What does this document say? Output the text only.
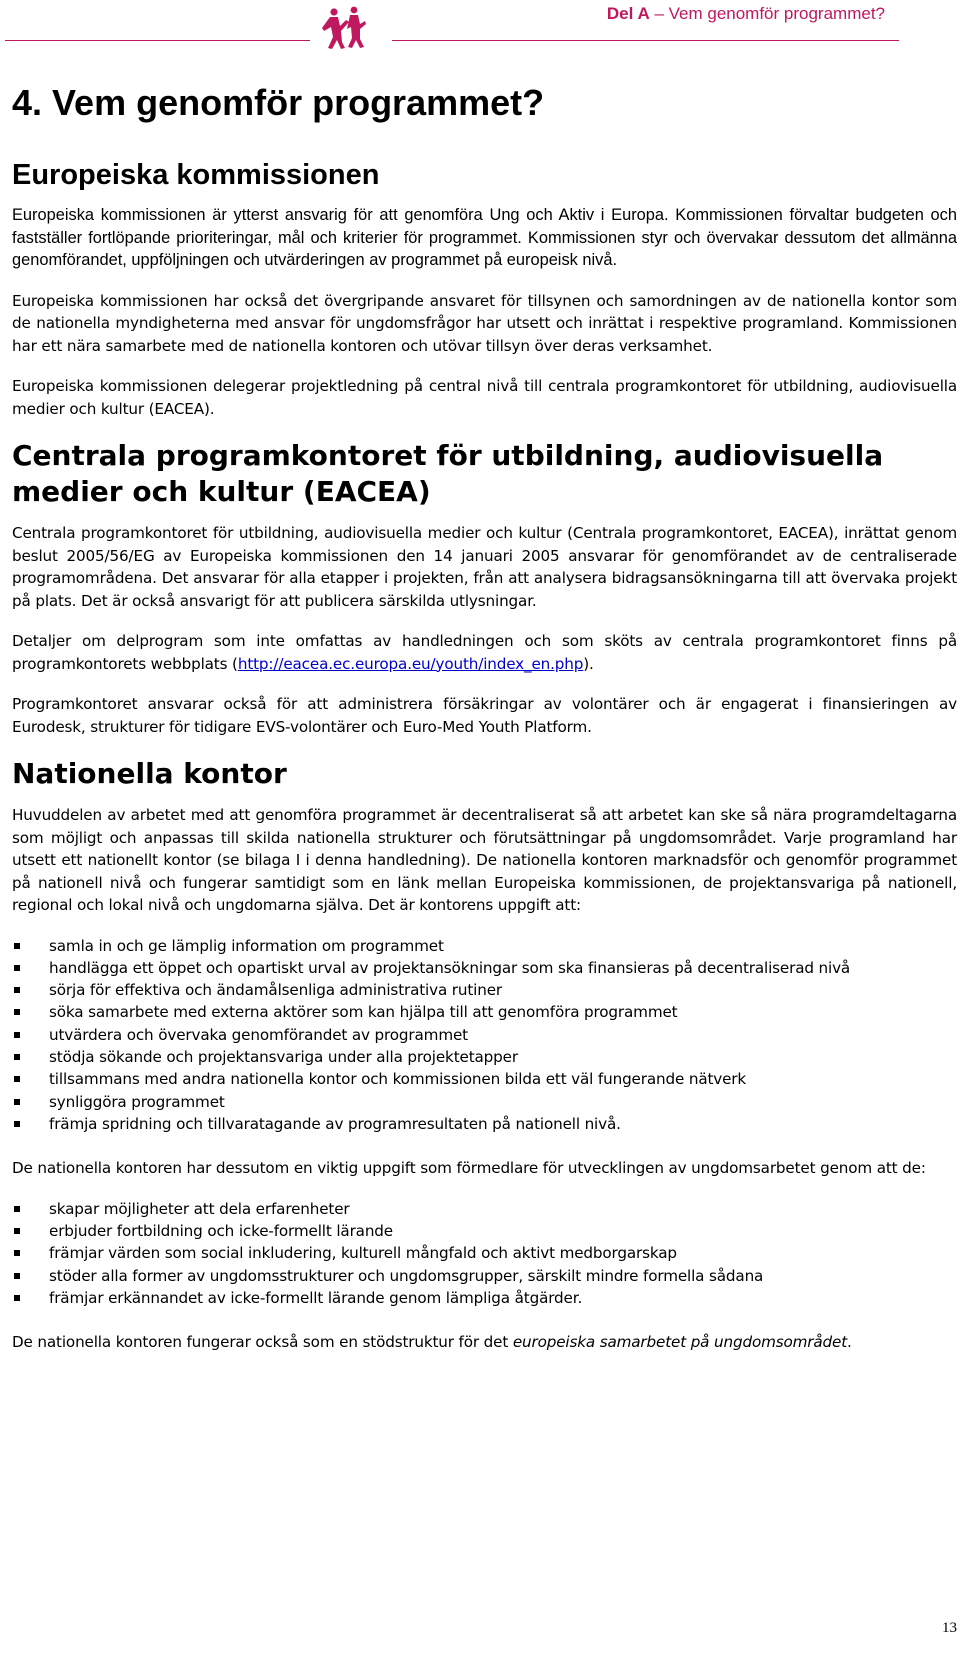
Del A – Vem genomför programmet?
4. Vem genomför programmet?
Europeiska kommissionen

Europeiska kommissionen är ytterst ansvarig för att genomföra Ung och Aktiv i Europa. Kommissionen förvaltar budgeten och fastställer fortlöpande prioriteringar, mål och kriterier för programmet. Kommissionen styr och övervakar dessutom det allmänna genomförandet, uppföljningen och utvärderingen av programmet på europeisk nivå.

Europeiska kommissionen har också det övergripande ansvaret för tillsynen och samordningen av de nationella kontor som de nationella myndigheterna med ansvar för ungdomsfrågor har utsett och inrättat i respektive programland. Kommissionen har ett nära samarbete med de nationella kontoren och utövar tillsyn över deras verksamhet.

Europeiska kommissionen delegerar projektledning på central nivå till centrala programkontoret för utbildning, audiovisuella medier och kultur (EACEA).

Centrala programkontoret för utbildning, audiovisuella medier och kultur (EACEA)

Centrala programkontoret för utbildning, audiovisuella medier och kultur (Centrala programkontoret, EACEA), inrättat genom beslut 2005/56/EG av Europeiska kommissionen den 14 januari 2005 ansvarar för genomförandet av de centraliserade programområdena. Det ansvarar för alla etapper i projekten, från att analysera bidragsansökningarna till att övervaka projekt på plats. Det är också ansvarigt för att publicera särskilda utlysningar.

Detaljer om delprogram som inte omfattas av handledningen och som sköts av centrala programkontoret finns på programkontorets webbplats (http://eacea.ec.europa.eu/youth/index_en.php).

Programkontoret ansvarar också för att administrera försäkringar av volontärer och är engagerat i finansieringen av Eurodesk, strukturer för tidigare EVS-volontärer och Euro-Med Youth Platform.

Nationella kontor

Huvuddelen av arbetet med att genomföra programmet är decentraliserat så att arbetet kan ske så nära programdeltagarna som möjligt och anpassas till skilda nationella strukturer och förutsättningar på ungdomsområdet. Varje programland har utsett ett nationellt kontor (se bilaga I i denna handledning). De nationella kontoren marknadsför och genomför programmet på nationell nivå och fungerar samtidigt som en länk mellan Europeiska kommissionen, de projektansvariga på nationell, regional och lokal nivå och ungdomarna själva. Det är kontorens uppgift att:

samla in och ge lämplig information om programmet
handlägga ett öppet och opartiskt urval av projektansökningar som ska finansieras på decentraliserad nivå
sörja för effektiva och ändamålsenliga administrativa rutiner
söka samarbete med externa aktörer som kan hjälpa till att genomföra programmet
utvärdera och övervaka genomförandet av programmet
stödja sökande och projektansvariga under alla projektetapper
tillsammans med andra nationella kontor och kommissionen bilda ett väl fungerande nätverk
synliggöra programmet
främja spridning och tillvaratagande av programresultaten på nationell nivå.

De nationella kontoren har dessutom en viktig uppgift som förmedlare för utvecklingen av ungdomsarbetet genom att de:

skapar möjligheter att dela erfarenheter
erbjuder fortbildning och icke-formellt lärande
främjar värden som social inkludering, kulturell mångfald och aktivt medborgarskap
stöder alla former av ungdomsstrukturer och ungdomsgrupper, särskilt mindre formella sådana
främjar erkännandet av icke-formellt lärande genom lämpliga åtgärder.

De nationella kontoren fungerar också som en stödstruktur för det europeiska samarbetet på ungdomsområdet.

13
